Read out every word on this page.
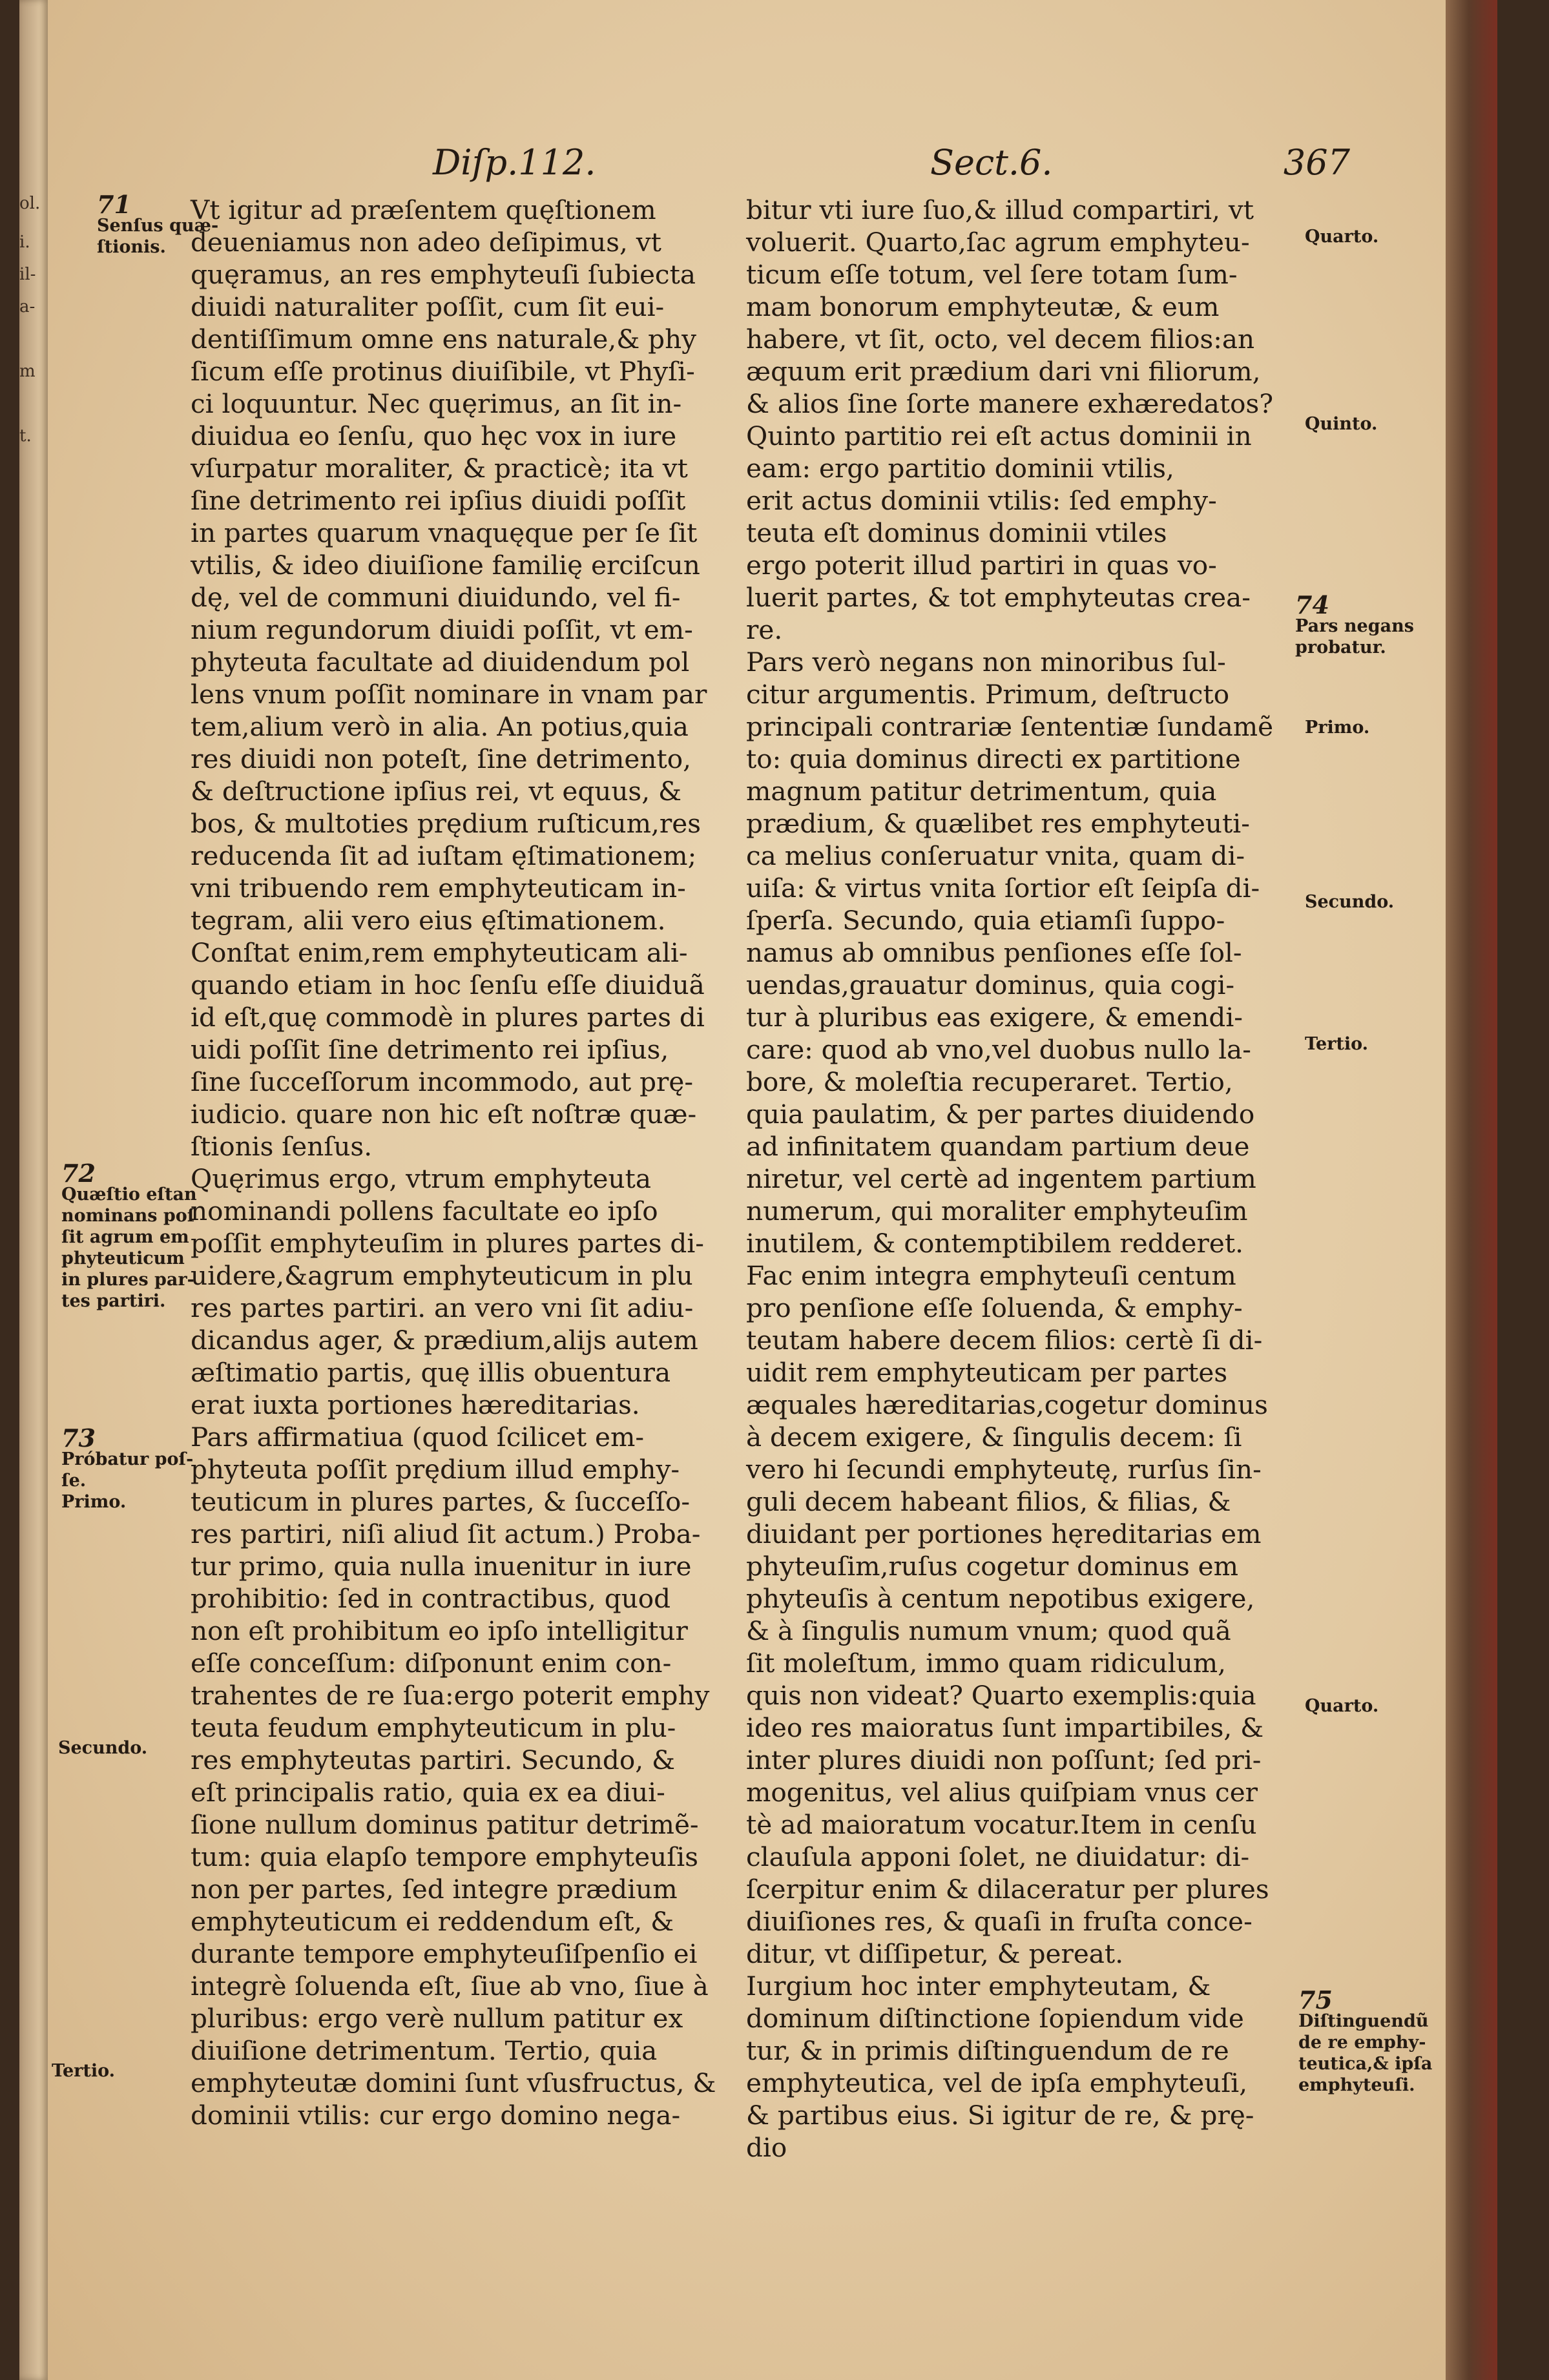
ol.
i.
il-
a-
m
t.
Diſp.112.	Sect.6.	367
Vt igitur ad præſentem quęſtionem
deueniamus non adeo deſipimus, vt
quęramus, an res emphyteuſi ſubiecta
diuidi naturaliter poſſit, cum ſit eui-
dentiſſimum omne ens naturale,& phy
ſicum eſſe protinus diuiſibile, vt Phyſi-
ci loquuntur. Nec quęrimus, an ſit in-
diuidua eo ſenſu, quo hęc vox in iure
vſurpatur moraliter, & practicè; ita vt
ſine detrimento rei ipſius diuidi poſſit
in partes quarum vnaquęque per ſe ſit
vtilis, & ideo diuiſione familię erciſcun
dę, vel de communi diuidundo, vel fi-
nium regundorum diuidi poſſit, vt em-
phyteuta facultate ad diuidendum pol
lens vnum poſſit nominare in vnam par
tem,alium verò in alia. An potius,quia
res diuidi non poteſt, ſine detrimento,
& deſtructione ipſius rei, vt equus, &
bos, & multoties prędium ruſticum,res
reducenda ſit ad iuſtam ęſtimationem;
vni tribuendo rem emphyteuticam in-
tegram, alii vero eius ęſtimationem.
Conſtat enim,rem emphyteuticam ali-
quando etiam in hoc ſenſu eſſe diuiduã
id eſt,quę commodè in plures partes di
uidi poſſit ſine detrimento rei ipſius,
ſine ſucceſſorum incommodo, aut prę-
iudicio. quare non hic eſt noſtræ quæ-
ſtionis ſenſus.
Quęrimus ergo, vtrum emphyteuta
nominandi pollens facultate eo ipſo
poſſit emphyteuſim in plures partes di-
uidere,&agrum emphyteuticum in plu
res partes partiri. an vero vni ſit adiu-
dicandus ager, & prædium,alijs autem
æſtimatio partis, quę illis obuentura
erat iuxta portiones hæreditarias.
Pars affirmatiua (quod ſcilicet em-
phyteuta poſſit prędium illud emphy-
teuticum in plures partes, & ſucceſſo-
res partiri, niſi aliud ſit actum.) Proba-
tur primo, quia nulla inuenitur in iure
prohibitio: ſed in contractibus, quod
non eſt prohibitum eo ipſo intelligitur
eſſe conceſſum: diſponunt enim con-
trahentes de re ſua:ergo poterit emphy
teuta feudum emphyteuticum in plu-
res emphyteutas partiri. Secundo, &
eſt principalis ratio, quia ex ea diui-
ſione nullum dominus patitur detrimẽ-
tum: quia elapſo tempore emphyteuſis
non per partes, ſed integre prædium
emphyteuticum ei reddendum eſt, &
durante tempore emphyteuſiſpenſio ei
integrè ſoluenda eſt, ſiue ab vno, ſiue à
pluribus: ergo verè nullum patitur ex
diuiſione detrimentum. Tertio, quia
emphyteutæ domini ſunt vſusfructus, &
dominii vtilis: cur ergo domino nega-
bitur vti iure ſuo,& illud compartiri, vt
voluerit. Quarto,ſac agrum emphyteu-
ticum eſſe totum, vel ſere totam ſum-
mam bonorum emphyteutæ, & eum
habere, vt ſit, octo, vel decem filios:an
æquum erit prædium dari vni filiorum,
& alios ſine ſorte manere exhæredatos?
Quinto partitio rei eſt actus dominii in
eam: ergo partitio dominii vtilis,
erit actus dominii vtilis: ſed emphy-
teuta eſt dominus dominii vtiles
ergo poterit illud partiri in quas vo-
luerit partes, & tot emphyteutas crea-
re.
Pars verò negans non minoribus ſul-
citur argumentis. Primum, deſtructo
principali contrariæ ſententiæ ſundamẽ
to: quia dominus directi ex partitione
magnum patitur detrimentum, quia
prædium, & quælibet res emphyteuti-
ca melius conſeruatur vnita, quam di-
uiſa: & virtus vnita ſortior eſt ſeipſa di-
ſperſa. Secundo, quia etiamſi ſuppo-
namus ab omnibus penſiones eſſe ſol-
uendas,grauatur dominus, quia cogi-
tur à pluribus eas exigere, & emendi-
care: quod ab vno,vel duobus nullo la-
bore, & moleſtia recuperaret. Tertio,
quia paulatim, & per partes diuidendo
ad infinitatem quandam partium deue
niretur, vel certè ad ingentem partium
numerum, qui moraliter emphyteuſim
inutilem, & contemptibilem redderet.
Fac enim integra emphyteuſi centum
pro penſione eſſe ſoluenda, & emphy-
teutam habere decem filios: certè ſi di-
uidit rem emphyteuticam per partes
æquales hæreditarias,cogetur dominus
à decem exigere, & ſingulis decem: ſi
vero hi ſecundi emphyteutę, rurſus ſin-
guli decem habeant filios, & filias, &
diuidant per portiones hęreditarias em
phyteuſim,ruſus cogetur dominus em
phyteuſis à centum nepotibus exigere,
& à ſingulis numum vnum; quod quã
ſit moleſtum, immo quam ridiculum,
quis non videat? Quarto exemplis:quia
ideo res maioratus ſunt impartibiles, &
inter plures diuidi non poſſunt; ſed pri-
mogenitus, vel alius quiſpiam vnus cer
tè ad maioratum vocatur.Item in cenſu
clauſula apponi ſolet, ne diuidatur: di-
ſcerpitur enim & dilaceratur per plures
diuiſiones res, & quaſi in fruſta conce-
ditur, vt diſſipetur, & pereat.
Iurgium hoc inter emphyteutam, &
dominum diſtinctione ſopiendum vide
tur, & in primis diſtinguendum de re
emphyteutica, vel de ipſa emphyteuſi,
& partibus eius. Si igitur de re, & prę-
dio
71
Senſus quæ-
ſtionis.
72
Quæſtio eſtan
nominans poſ
ſit agrum em
phyteuticum
in plures par-
tes partiri.
73
Próbatur poſ-
ſe.
Primo.
Secundo.
Tertio.
Quarto.
Quinto.
74
Pars negans
probatur.
Primo.
Secundo.
Tertio.
Quarto.
75
Diſtinguendũ
de re emphy-
teutica,& ipſa
emphyteuſi.
